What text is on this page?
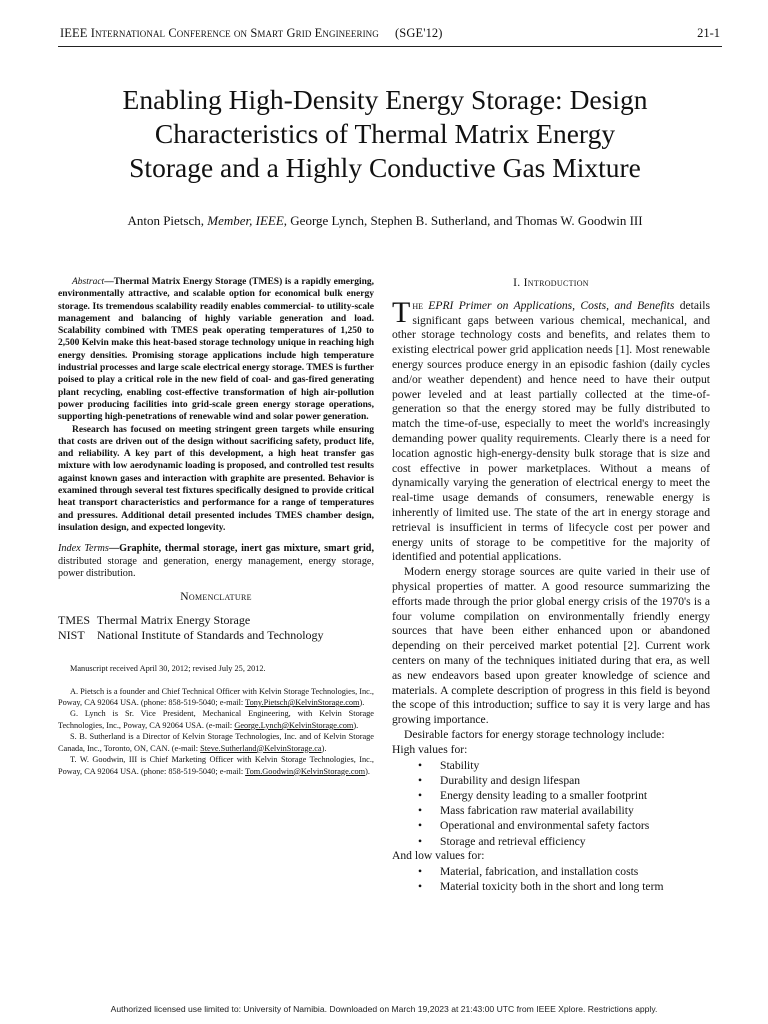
IEEE International Conference on Smart Grid Engineering (SGE'12)	21-1
Enabling High-Density Energy Storage: Design
Characteristics of Thermal Matrix Energy
Storage and a Highly Conductive Gas Mixture
Anton Pietsch, Member, IEEE, George Lynch, Stephen B. Sutherland, and Thomas W. Goodwin III

Abstract—Thermal Matrix Energy Storage (TMES) is a rapidly emerging, environmentally attractive, and scalable option for economical bulk energy storage. Its tremendous scalability readily enables commercial- to utility-scale management and balancing of highly variable generation and load. Scalability combined with TMES peak operating temperatures of 1,250 to 2,500 Kelvin make this heat-based storage technology unique in reaching high energy densities. Promising storage applications include high temperature industrial processes and large scale electrical energy storage. TMES is further poised to play a critical role in the new field of coal- and gas-fired generating plant recycling, enabling cost-effective transformation of high air-pollution power producing facilities into grid-scale green energy storage operations, supporting high-penetrations of renewable wind and solar power generation.

Research has focused on meeting stringent green targets while ensuring that costs are driven out of the design without sacrificing safety, product life, and reliability. A key part of this development, a high heat transfer gas mixture with low aerodynamic loading is proposed, and controlled test results against known gases and interaction with graphite are presented. Behavior is examined through several test fixtures specifically designed to provide critical heat transport characteristics and performance for a range of temperatures and pressures. Additional detail presented includes TMES chamber design, insulation design, and expected longevity.

Index Terms—Graphite, thermal storage, inert gas mixture, smart grid, distributed storage and generation, energy management, energy storage, power distribution.

Nomenclature
TMES Thermal Matrix Energy Storage
NIST National Institute of Standards and Technology

Manuscript received April 30, 2012; revised July 25, 2012.

A. Pietsch is a founder and Chief Technical Officer with Kelvin Storage Technologies, Inc., Poway, CA 92064 USA. (phone: 858-519-5040; e-mail: Tony.Pietsch@KelvinStorage.com).

G. Lynch is Sr. Vice President, Mechanical Engineering, with Kelvin Storage Technologies, Inc., Poway, CA 92064 USA. (e-mail: George.Lynch@KelvinStorage.com).

S. B. Sutherland is a Director of Kelvin Storage Technologies, Inc. and of Kelvin Storage Canada, Inc., Toronto, ON, CAN. (e-mail: Steve.Sutherland@KelvinStorage.ca).

T. W. Goodwin, III is Chief Marketing Officer with Kelvin Storage Technologies, Inc., Poway, CA 92064 USA. (phone: 858-519-5040; e-mail: Tom.Goodwin@KelvinStorage.com).

I. Introduction

The EPRI Primer on Applications, Costs, and Benefits details significant gaps between various chemical, mechanical, and other storage technology costs and benefits, and relates them to existing electrical power grid application needs [1]. Most renewable energy sources produce energy in an episodic fashion (daily cycles and/or weather dependent) and hence need to have their output power leveled and at least partially collected at the time-of-generation so that the energy stored may be fully distributed to match the time-of-use, especially to meet the world's increasingly demanding power quality requirements. Clearly there is a need for location agnostic high-energy-density bulk storage that is size and cost effective in power marketplaces. Without a means of dynamically varying the generation of electrical energy to meet the real-time usage demands of consumers, renewable energy is inherently of limited use. The state of the art in energy storage and retrieval is insufficient in terms of lifecycle cost per power and energy units of storage to be competitive for the majority of identified and potential applications.

Modern energy storage sources are quite varied in their use of physical properties of matter. A good resource summarizing the efforts made through the prior global energy crisis of the 1970's is a four volume compilation on environmentally friendly energy sources that have been either enhanced upon or abandoned depending on their perceived market potential [2]. Current work centers on many of the techniques initiated during that era, as well as new endeavors based upon greater knowledge of science and materials. A complete description of progress in this field is beyond the scope of this introduction; suffice to say it is very large and has growing importance.

Desirable factors for energy storage technology include:

High values for:

• Stability
• Durability and design lifespan
• Energy density leading to a smaller footprint
• Mass fabrication raw material availability
• Operational and environmental safety factors
• Storage and retrieval efficiency

And low values for:

• Material, fabrication, and installation costs
• Material toxicity both in the short and long term
Authorized licensed use limited to: University of Namibia. Downloaded on March 19,2023 at 21:43:00 UTC from IEEE Xplore. Restrictions apply.
